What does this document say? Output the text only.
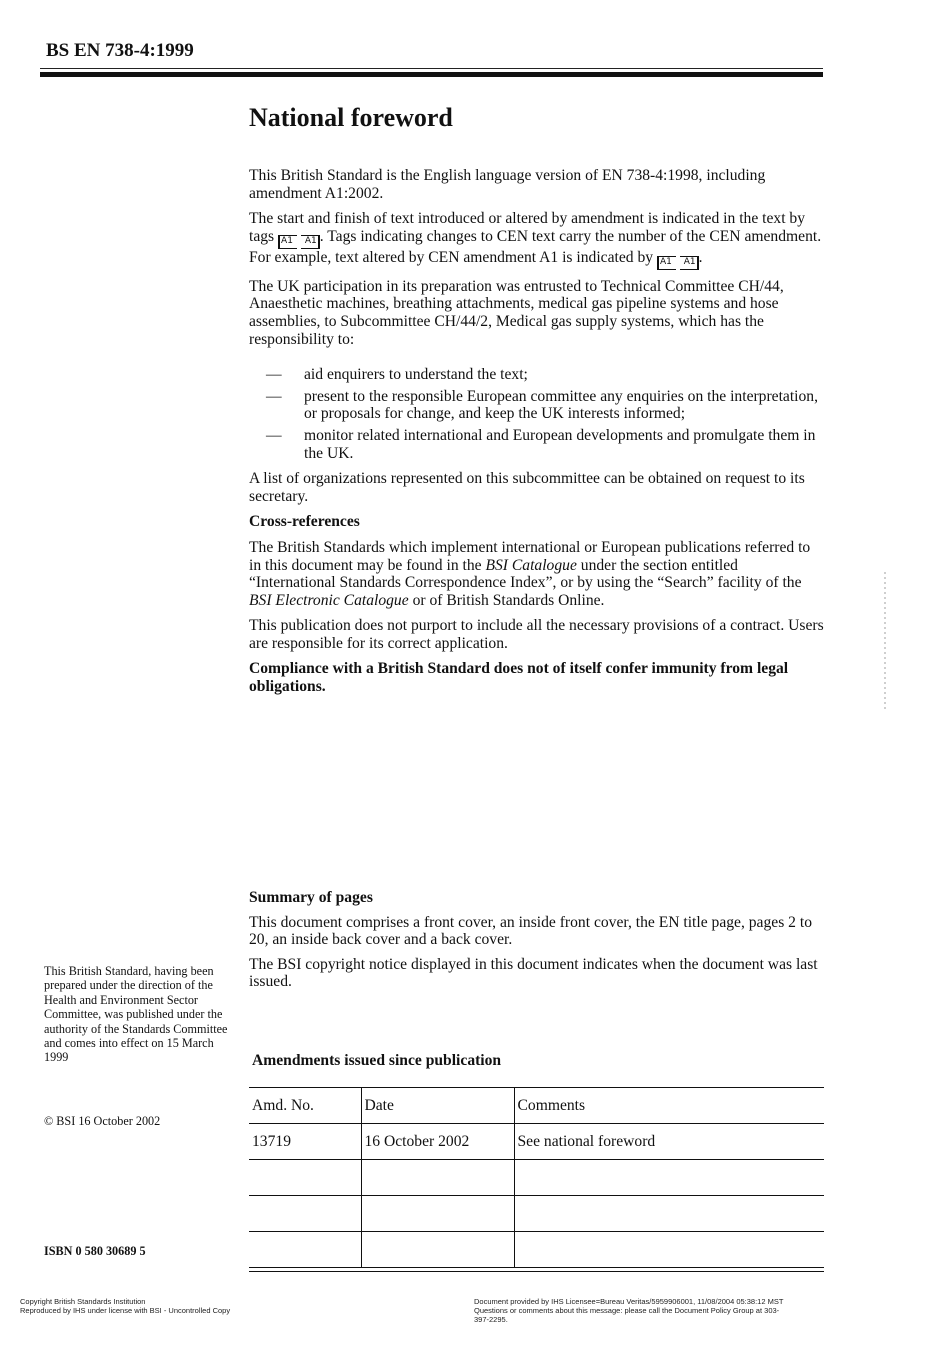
BS EN 738-4:1999
National foreword

This British Standard is the English language version of EN 738-4:1998, including amendment A1:2002.

The start and finish of text introduced or altered by amendment is indicated in the text by tags A1 A1 . Tags indicating changes to CEN text carry the number of the CEN amendment. For example, text altered by CEN amendment A1 is indicated by A1 A1 .

The UK participation in its preparation was entrusted to Technical Committee CH/44, Anaesthetic machines, breathing attachments, medical gas pipeline systems and hose assemblies, to Subcommittee CH/44/2, Medical gas supply systems, which has the responsibility to:

— aid enquirers to understand the text;
— present to the responsible European committee any enquiries on the interpretation, or proposals for change, and keep the UK interests informed;
— monitor related international and European developments and promulgate them in the UK.

A list of organizations represented on this subcommittee can be obtained on request to its secretary.

Cross-references

The British Standards which implement international or European publications referred to in this document may be found in the BSI Catalogue under the section entitled “International Standards Correspondence Index”, or by using the “Search” facility of the BSI Electronic Catalogue or of British Standards Online.

This publication does not purport to include all the necessary provisions of a contract. Users are responsible for its correct application.

Compliance with a British Standard does not of itself confer immunity from legal obligations.

Summary of pages

This document comprises a front cover, an inside front cover, the EN title page, pages 2 to 20, an inside back cover and a back cover.

The BSI copyright notice displayed in this document indicates when the document was last issued.

This British Standard, having been prepared under the direction of the Health and Environment Sector Committee, was published under the authority of the Standards Committee and comes into effect on 15 March 1999
© BSI 16 October 2002
ISBN 0 580 30689 5
Amendments issued since publication
Amd. No.	Date	Comments
13719	16 October 2002	See national foreword

Copyright British Standards Institution
Reproduced by IHS under license with BSI - Uncontrolled Copy
Document provided by IHS Licensee=Bureau Veritas/5959906001, 11/08/2004 05:38:12 MST Questions or comments about this message: please call the Document Policy Group at 303-397-2295.
